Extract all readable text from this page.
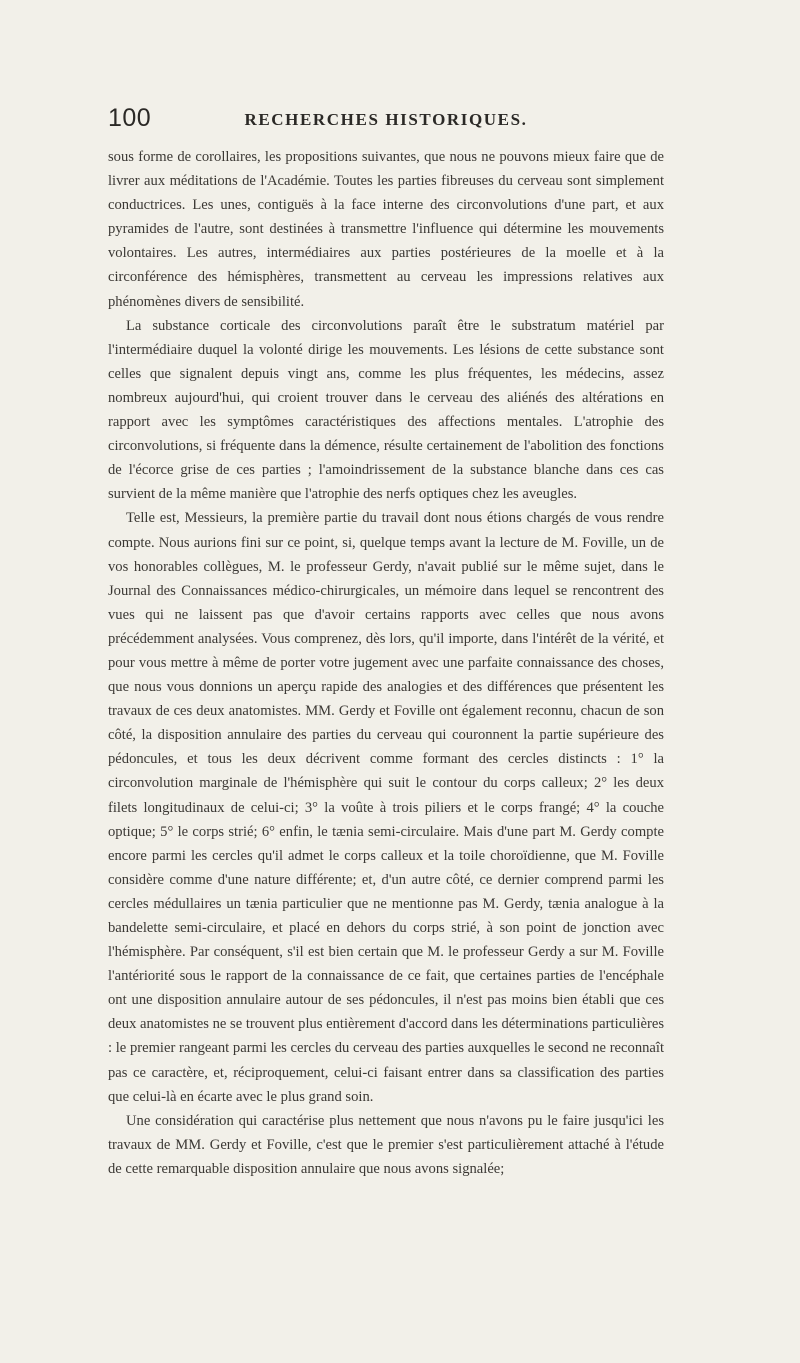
100	RECHERCHES HISTORIQUES.

sous forme de corollaires, les propositions suivantes, que nous ne pouvons mieux faire que de livrer aux méditations de l'Académie. Toutes les parties fibreuses du cerveau sont simplement conductrices. Les unes, contiguës à la face interne des circonvolutions d'une part, et aux pyramides de l'autre, sont destinées à transmettre l'influence qui détermine les mouvements volontaires. Les autres, intermédiaires aux parties postérieures de la moelle et à la circonférence des hémisphères, transmettent au cerveau les impressions relatives aux phénomènes divers de sensibilité.

La substance corticale des circonvolutions paraît être le substratum matériel par l'intermédiaire duquel la volonté dirige les mouvements. Les lésions de cette substance sont celles que signalent depuis vingt ans, comme les plus fréquentes, les médecins, assez nombreux aujourd'hui, qui croient trouver dans le cerveau des aliénés des altérations en rapport avec les symptômes caractéristiques des affections mentales. L'atrophie des circonvolutions, si fréquente dans la démence, résulte certainement de l'abolition des fonctions de l'écorce grise de ces parties ; l'amoindrissement de la substance blanche dans ces cas survient de la même manière que l'atrophie des nerfs optiques chez les aveugles.

Telle est, Messieurs, la première partie du travail dont nous étions chargés de vous rendre compte. Nous aurions fini sur ce point, si, quelque temps avant la lecture de M. Foville, un de vos honorables collègues, M. le professeur Gerdy, n'avait publié sur le même sujet, dans le Journal des Connaissances médico-chirurgicales, un mémoire dans lequel se rencontrent des vues qui ne laissent pas que d'avoir certains rapports avec celles que nous avons précédemment analysées. Vous comprenez, dès lors, qu'il importe, dans l'intérêt de la vérité, et pour vous mettre à même de porter votre jugement avec une parfaite connaissance des choses, que nous vous donnions un aperçu rapide des analogies et des différences que présentent les travaux de ces deux anatomistes. MM. Gerdy et Foville ont également reconnu, chacun de son côté, la disposition annulaire des parties du cerveau qui couronnent la partie supérieure des pédoncules, et tous les deux décrivent comme formant des cercles distincts : 1° la circonvolution marginale de l'hémisphère qui suit le contour du corps calleux; 2° les deux filets longitudinaux de celui-ci; 3° la voûte à trois piliers et le corps frangé; 4° la couche optique; 5° le corps strié; 6° enfin, le tænia semi-circulaire. Mais d'une part M. Gerdy compte encore parmi les cercles qu'il admet le corps calleux et la toile choroïdienne, que M. Foville considère comme d'une nature différente; et, d'un autre côté, ce dernier comprend parmi les cercles médullaires un tænia particulier que ne mentionne pas M. Gerdy, tænia analogue à la bandelette semi-circulaire, et placé en dehors du corps strié, à son point de jonction avec l'hémisphère. Par conséquent, s'il est bien certain que M. le professeur Gerdy a sur M. Foville l'antériorité sous le rapport de la connaissance de ce fait, que certaines parties de l'encéphale ont une disposition annulaire autour de ses pédoncules, il n'est pas moins bien établi que ces deux anatomistes ne se trouvent plus entièrement d'accord dans les déterminations particulières : le premier rangeant parmi les cercles du cerveau des parties auxquelles le second ne reconnaît pas ce caractère, et, réciproquement, celui-ci faisant entrer dans sa classification des parties que celui-là en écarte avec le plus grand soin.

Une considération qui caractérise plus nettement que nous n'avons pu le faire jusqu'ici les travaux de MM. Gerdy et Foville, c'est que le premier s'est particulièrement attaché à l'étude de cette remarquable disposition annulaire que nous avons signalée;
